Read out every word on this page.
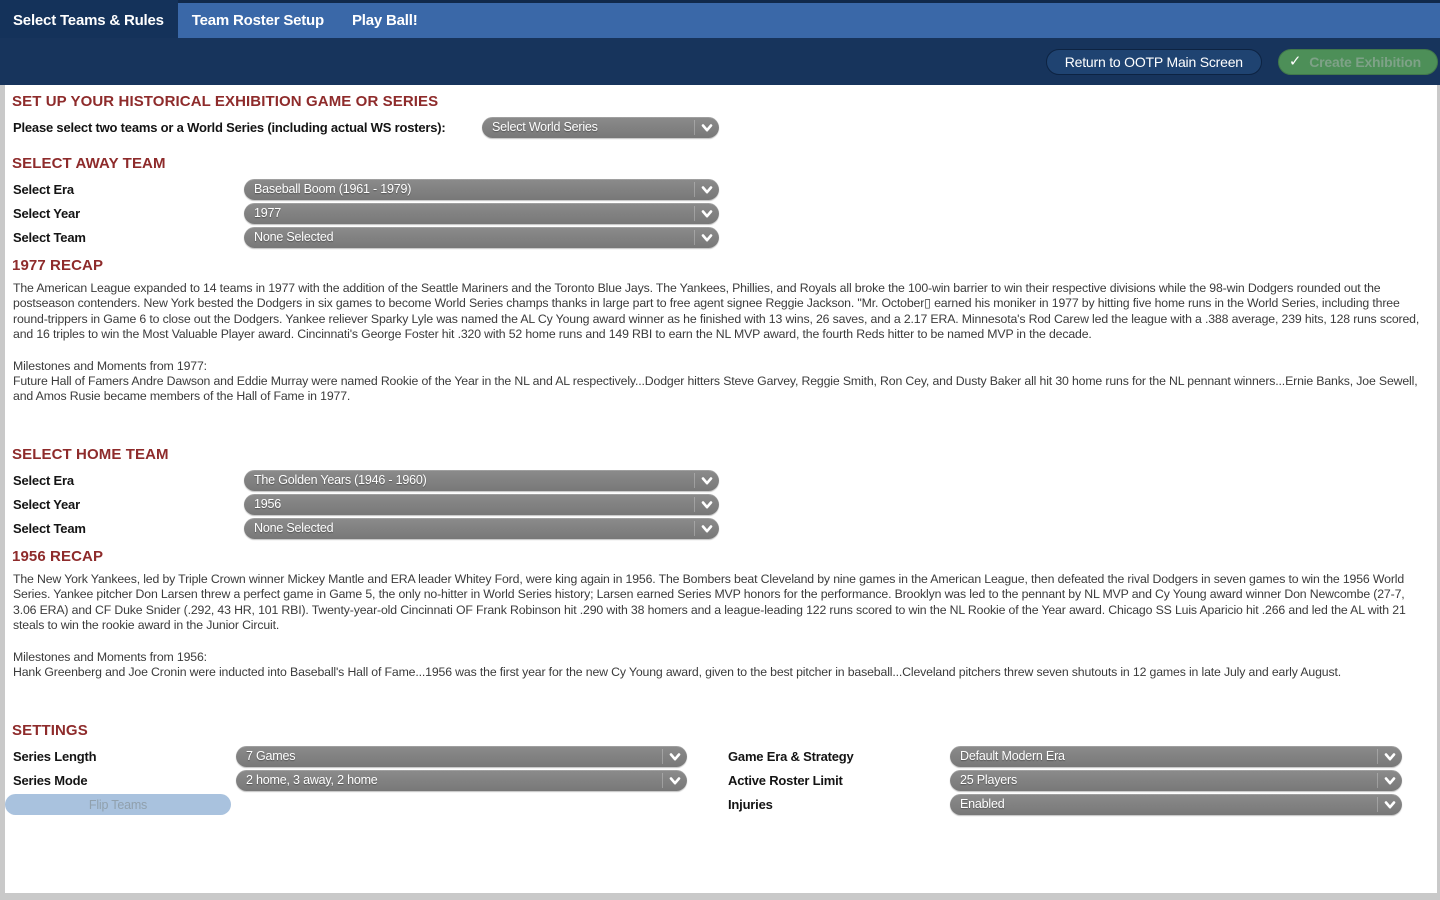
Select Teams & Rules	Team Roster Setup	Play Ball!
Return to OOTP Main Screen	✓ Create Exhibition
SET UP YOUR HISTORICAL EXHIBITION GAME OR SERIES
Please select two teams or a World Series (including actual WS rosters):	Select World Series
SELECT AWAY TEAM
Select Era	Baseball Boom (1961 - 1979)
Select Year	1977
Select Team	None Selected
1977 RECAP

The American League expanded to 14 teams in 1977 with the addition of the Seattle Mariners and the Toronto Blue Jays. The Yankees, Phillies, and Royals all broke the 100-win barrier to win their respective divisions while the 98-win Dodgers rounded out the postseason contenders. New York bested the Dodgers in six games to become World Series champs thanks in large part to free agent signee Reggie Jackson. "Mr. October▯ earned his moniker in 1977 by hitting five home runs in the World Series, including three round-trippers in Game 6 to close out the Dodgers. Yankee reliever Sparky Lyle was named the AL Cy Young award winner as he finished with 13 wins, 26 saves, and a 2.17 ERA. Minnesota's Rod Carew led the league with a .388 average, 239 hits, 128 runs scored, and 16 triples to win the Most Valuable Player award. Cincinnati's George Foster hit .320 with 52 home runs and 149 RBI to earn the NL MVP award, the fourth Reds hitter to be named MVP in the decade.

Milestones and Moments from 1977:
Future Hall of Famers Andre Dawson and Eddie Murray were named Rookie of the Year in the NL and AL respectively...Dodger hitters Steve Garvey, Reggie Smith, Ron Cey, and Dusty Baker all hit 30 home runs for the NL pennant winners...Ernie Banks, Joe Sewell, and Amos Rusie became members of the Hall of Fame in 1977.

SELECT HOME TEAM
Select Era	The Golden Years (1946 - 1960)
Select Year	1956
Select Team	None Selected
1956 RECAP

The New York Yankees, led by Triple Crown winner Mickey Mantle and ERA leader Whitey Ford, were king again in 1956. The Bombers beat Cleveland by nine games in the American League, then defeated the rival Dodgers in seven games to win the 1956 World Series. Yankee pitcher Don Larsen threw a perfect game in Game 5, the only no-hitter in World Series history; Larsen earned Series MVP honors for the performance. Brooklyn was led to the pennant by NL MVP and Cy Young award winner Don Newcombe (27-7, 3.06 ERA) and CF Duke Snider (.292, 43 HR, 101 RBI). Twenty-year-old Cincinnati OF Frank Robinson hit .290 with 38 homers and a league-leading 122 runs scored to win the NL Rookie of the Year award. Chicago SS Luis Aparicio hit .266 and led the AL with 21 steals to win the rookie award in the Junior Circuit.

Milestones and Moments from 1956:
Hank Greenberg and Joe Cronin were inducted into Baseball's Hall of Fame...1956 was the first year for the new Cy Young award, given to the best pitcher in baseball...Cleveland pitchers threw seven shutouts in 12 games in late July and early August.

SETTINGS
Series Length	7 Games
Series Mode	2 home, 3 away, 2 home
Flip Teams
Game Era & Strategy	Default Modern Era
Active Roster Limit	25 Players
Injuries	Enabled
